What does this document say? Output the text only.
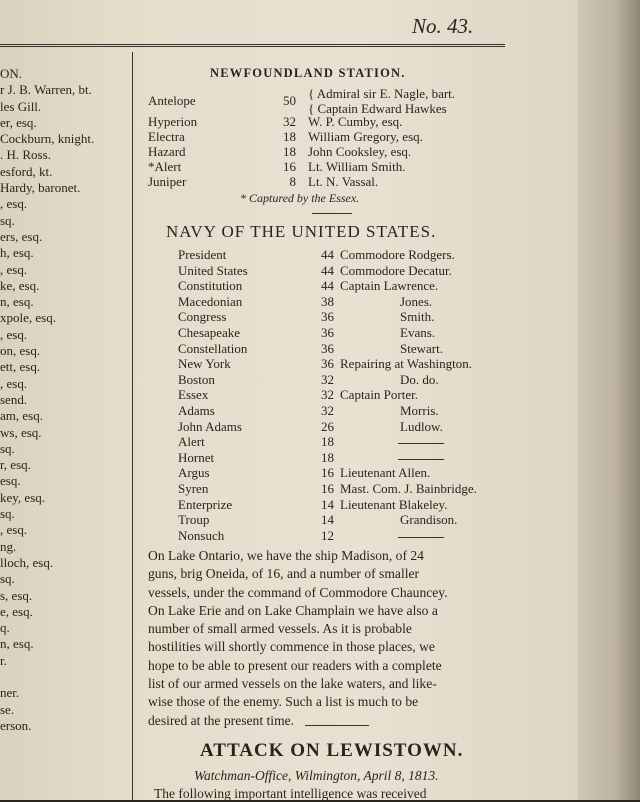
No. 43.
ON.
r J. B. Warren, bt.
les Gill.
er, esq.
Cockburn, knight.
. H. Ross.
esford, kt.
Hardy, baronet.
, esq.
sq.
ers, esq.
h, esq.
, esq.
ke, esq.
n, esq.
xpole, esq.
, esq.
on, esq.
ett, esq.
, esq.
send.
am, esq.
ws, esq.
sq.
r, esq.
esq.
key, esq.
sq.
, esq.
ng.
lloch, esq.
sq.
s, esq.
e, esq.
q.
n, esq.
r.
ner.
se.
erson.
NEWFOUNDLAND STATION.
Antelope	50 { Admiral sir E. Nagle, bart.
{ Captain Edward Hawkes
Hyperion	32 W. P. Cumby, esq.
Electra	18 William Gregory, esq.
Hazard	18 John Cooksley, esq.
*Alert	16 Lt. William Smith.
Juniper	8 Lt. N. Vassal.
* Captured by the Essex.
NAVY OF THE UNITED STATES.
President	44 Commodore Rodgers.
United States	44 Commodore Decatur.
Constitution	44 Captain Lawrence.
Macedonian	38	Jones.
Congress	36	Smith.
Chesapeake	36	Evans.
Constellation	36	Stewart.
New York	36 Repairing at Washington.
Boston	32	Do. do.
Essex	32 Captain Porter.
Adams	32	Morris.
John Adams	26	Ludlow.
Alert	18
Hornet	18
Argus	16 Lieutenant Allen.
Syren	16 Mast. Com. J. Bainbridge.
Enterprize	14 Lieutenant Blakeley.
Troup	14	Grandison.
Nonsuch	12
On Lake Ontario, we have the ship Madison, of 24
guns, brig Oneida, of 16, and a number of smaller
vessels, under the command of Commodore Chauncey.
On Lake Erie and on Lake Champlain we have also a
number of small armed vessels. As it is probable
hostilities will shortly commence in those places, we
hope to be able to present our readers with a complete
list of our armed vessels on the lake waters, and like-
wise those of the enemy. Such a list is much to be
desired at the present time.
ATTACK ON LEWISTOWN.
Watchman-Office, Wilmington, April 8, 1813.
The following important intelligence was received
